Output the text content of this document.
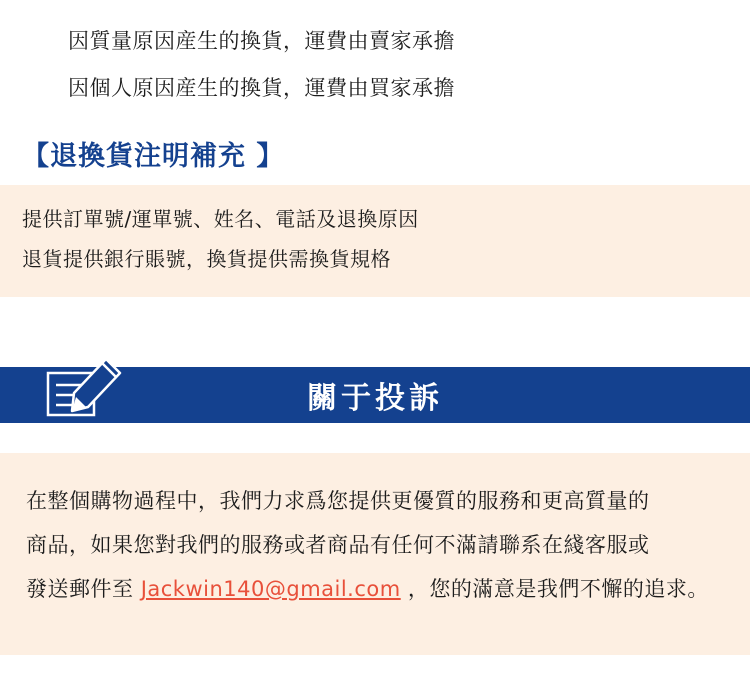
因質量原因産生的換貨，運費由賣家承擔
因個人原因産生的換貨，運費由買家承擔
【退換貨注明補充 】
提供訂單號/運單號、姓名、電話及退換原因
退貨提供銀行賬號，換貨提供需換貨規格
關于投訴
在整個購物過程中，我們力求爲您提供更優質的服務和更高質量的
商品，如果您對我們的服務或者商品有任何不滿請聯系在綫客服或
發送郵件至 Jackwin140@gmail.com ，您的滿意是我們不懈的追求。
